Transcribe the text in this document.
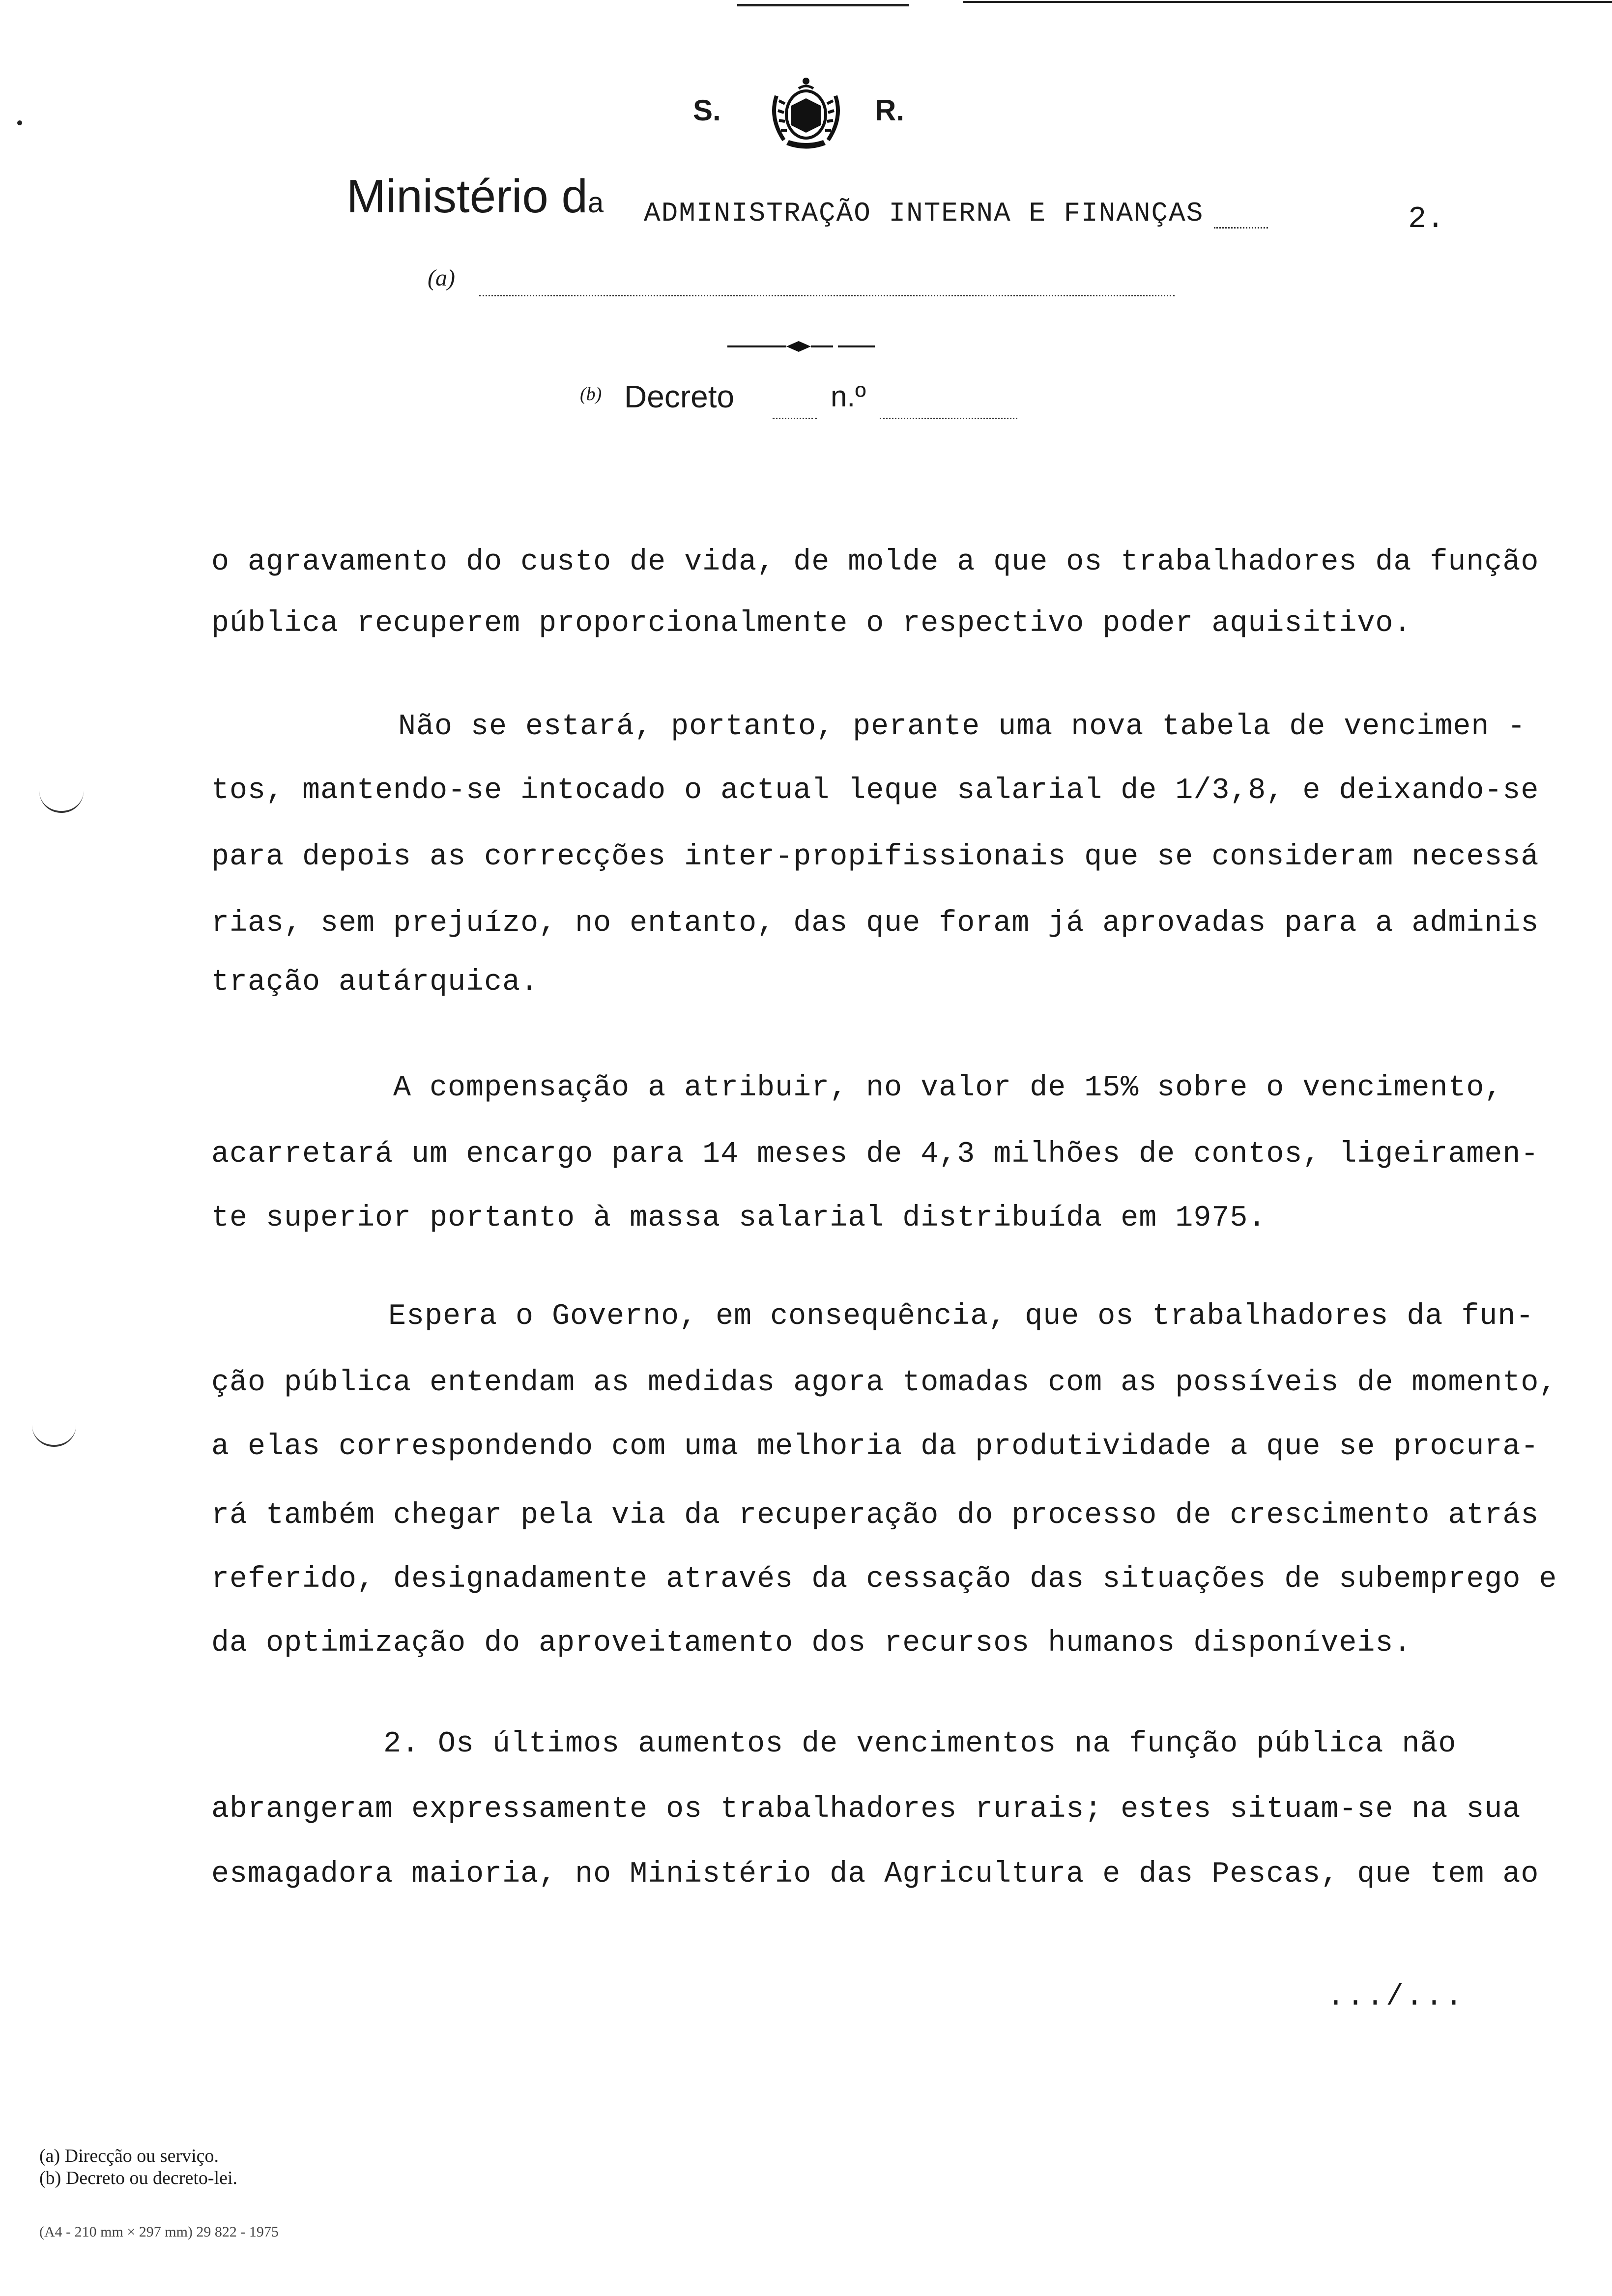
S.	R.
Ministério da ADMINISTRAÇÃO INTERNA E FINANÇAS	2.
(a)
(b) Decreto	n.º
o agravamento do custo de vida, de molde a que os trabalhadores da função
pública recuperem proporcionalmente o respectivo poder aquisitivo.
Não se estará, portanto, perante uma nova tabela de vencimen -
tos, mantendo-se intocado o actual leque salarial de 1/3,8, e deixando-se
para depois as correcções inter-propifissionais que se consideram necessá
rias, sem prejuízo, no entanto, das que foram já aprovadas para a adminis
tração autárquica.
A compensação a atribuir, no valor de 15% sobre o vencimento,
acarretará um encargo para 14 meses de 4,3 milhões de contos, ligeiramen-
te superior portanto à massa salarial distribuída em 1975.
Espera o Governo, em consequência, que os trabalhadores da fun-
ção pública entendam as medidas agora tomadas com as possíveis de momento,
a elas correspondendo com uma melhoria da produtividade a que se procura-
rá também chegar pela via da recuperação do processo de crescimento atrás
referido, designadamente através da cessação das situações de subemprego e
da optimização do aproveitamento dos recursos humanos disponíveis.
2. Os últimos aumentos de vencimentos na função pública não
abrangeram expressamente os trabalhadores rurais; estes situam-se na sua
esmagadora maioria, no Ministério da Agricultura e das Pescas, que tem ao
.../...
(a) Direcção ou serviço.
(b) Decreto ou decreto-lei.
(A4 - 210 mm × 297 mm) 29 822 - 1975
